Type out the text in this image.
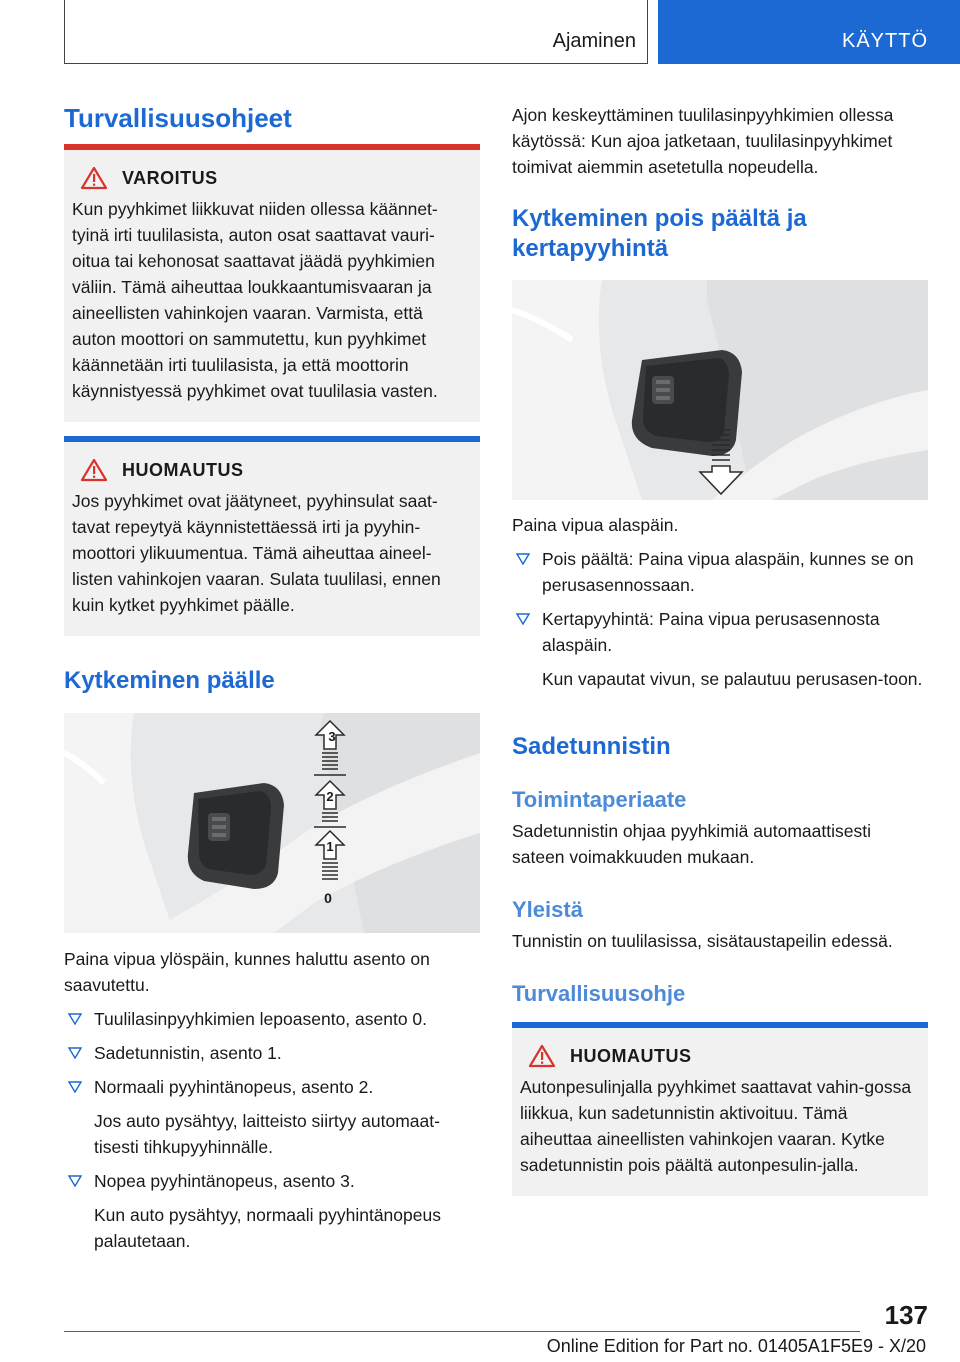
Ajaminen	KÄYTTÖ
Turvallisuusohjeet
VAROITUS
Kun pyyhkimet liikkuvat niiden ollessa käännet-tyinä irti tuulilasista, auton osat saattavat vauri-oitua tai kehonosat saattavat jäädä pyyhkimien väliin. Tämä aiheuttaa loukkaantumisvaaran ja aineellisten vahinkojen vaaran. Varmista, että auton moottori on sammutettu, kun pyyhkimet käännetään irti tuulilasista, ja että moottorin käynnistyessä pyyhkimet ovat tuulilasia vasten.
HUOMAUTUS
Jos pyyhkimet ovat jäätyneet, pyyhinsulat saat-tavat repeytyä käynnistettäessä irti ja pyyhin-moottori ylikuumentua. Tämä aiheuttaa aineel-listen vahinkojen vaaran. Sulata tuulilasi, ennen kuin kytket pyyhkimet päälle.
Kytkeminen päälle
3
2
1
0

Paina vipua ylöspäin, kunnes haluttu asento on saavutettu.

Tuulilasinpyyhkimien lepoasento, asento 0.
Sadetunnistin, asento 1.
Normaali pyyhintänopeus, asento 2.
Jos auto pysähtyy, laitteisto siirtyy automaat-tisesti tihkupyyhinnälle.
Nopea pyyhintänopeus, asento 3.
Kun auto pysähtyy, normaali pyyhintänopeus palautetaan.

Ajon keskeyttäminen tuulilasinpyyhkimien ollessa käytössä: Kun ajoa jatketaan, tuulilasinpyyhkimet toimivat aiemmin asetetulla nopeudella.

Kytkeminen pois päältä ja kertapyyhintä

Paina vipua alaspäin.

Pois päältä: Paina vipua alaspäin, kunnes se on perusasennossaan.
Kertapyyhintä: Paina vipua perusasennosta alaspäin.
Kun vapautat vivun, se palautuu perusasen-toon.
Sadetunnistin
Toimintaperiaate

Sadetunnistin ohjaa pyyhkimiä automaattisesti sateen voimakkuuden mukaan.

Yleistä

Tunnistin on tuulilasissa, sisätaustapeilin edessä.

Turvallisuusohje
HUOMAUTUS
Autonpesulinjalla pyyhkimet saattavat vahin-gossa liikkua, kun sadetunnistin aktivoituu. Tämä aiheuttaa aineellisten vahinkojen vaaran. Kytke sadetunnistin pois päältä autonpesulin-jalla.
137
Online Edition for Part no. 01405A1F5E9 - X/20
